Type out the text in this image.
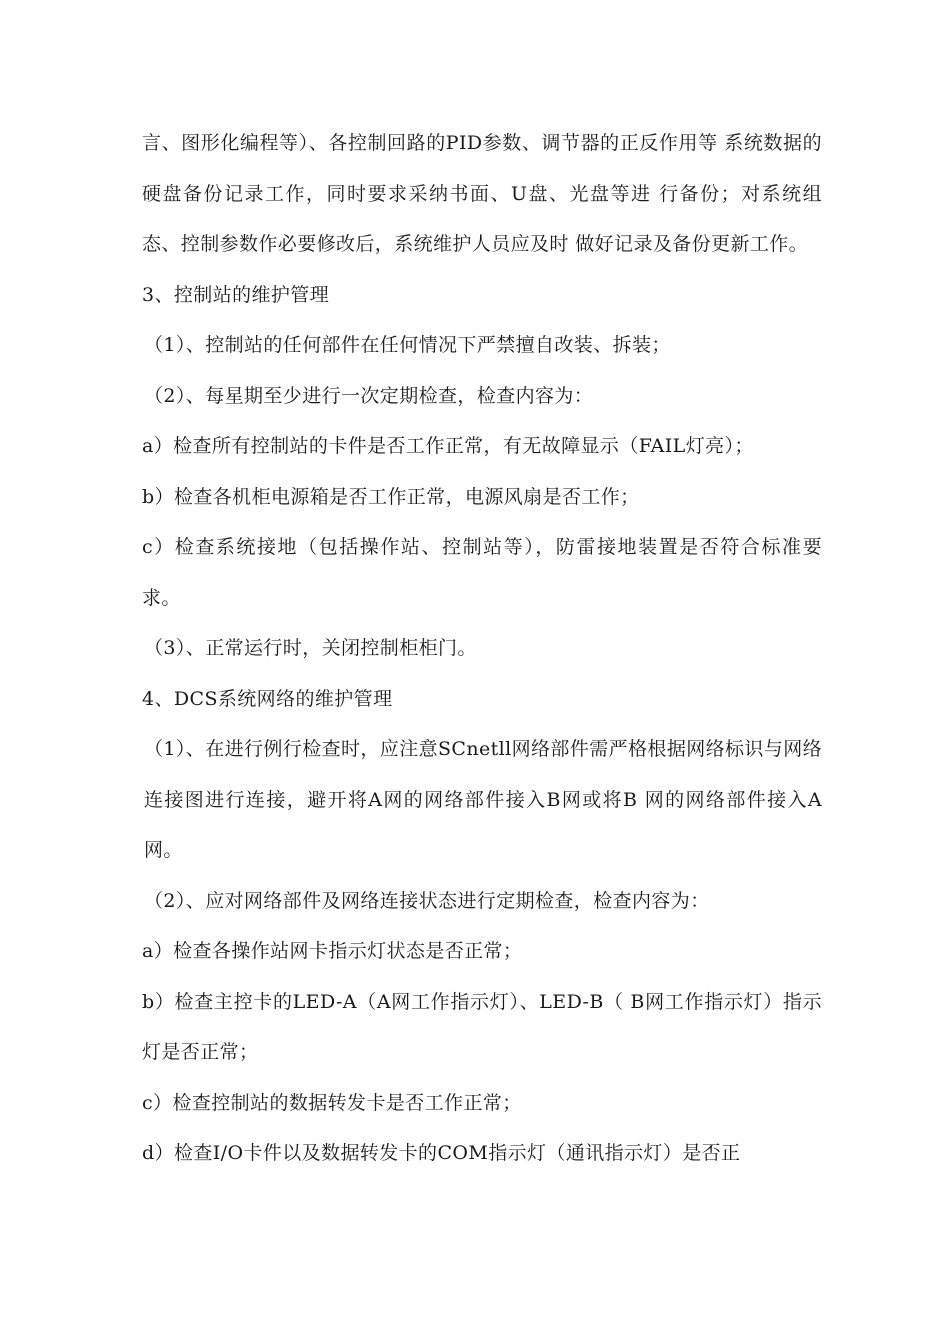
言、图形化编程等）、各控制回路的PID参数、调节器的正反作用等 系统数据的硬盘备份记录工作，同时要求采纳书面、U盘、光盘等进 行备份；对系统组态、控制参数作必要修改后，系统维护人员应及时 做好记录及备份更新工作。

3、控制站的维护管理

（1）、控制站的任何部件在任何情况下严禁擅自改装、拆装；

（2）、每星期至少进行一次定期检查，检查内容为：

a）检查所有控制站的卡件是否工作正常，有无故障显示（FAIL灯亮）；

b）检查各机柜电源箱是否工作正常，电源风扇是否工作；

c）检查系统接地（包括操作站、控制站等），防雷接地装置是否符合标准要求。

（3）、正常运行时，关闭控制柜柜门。

4、DCS系统网络的维护管理

（1）、在进行例行检查时，应注意SCnetll网络部件需严格根据网络标识与网络连接图进行连接，避开将A网的网络部件接入B网或将B 网的网络部件接入A网。

（2）、应对网络部件及网络连接状态进行定期检查，检查内容为：

a）检查各操作站网卡指示灯状态是否正常；

b）检查主控卡的LED-A（A网工作指示灯）、LED-B（ B网工作指示灯）指示灯是否正常；

c）检查控制站的数据转发卡是否工作正常；

d）检查I/O卡件以及数据转发卡的COM指示灯（通讯指示灯）是否正
